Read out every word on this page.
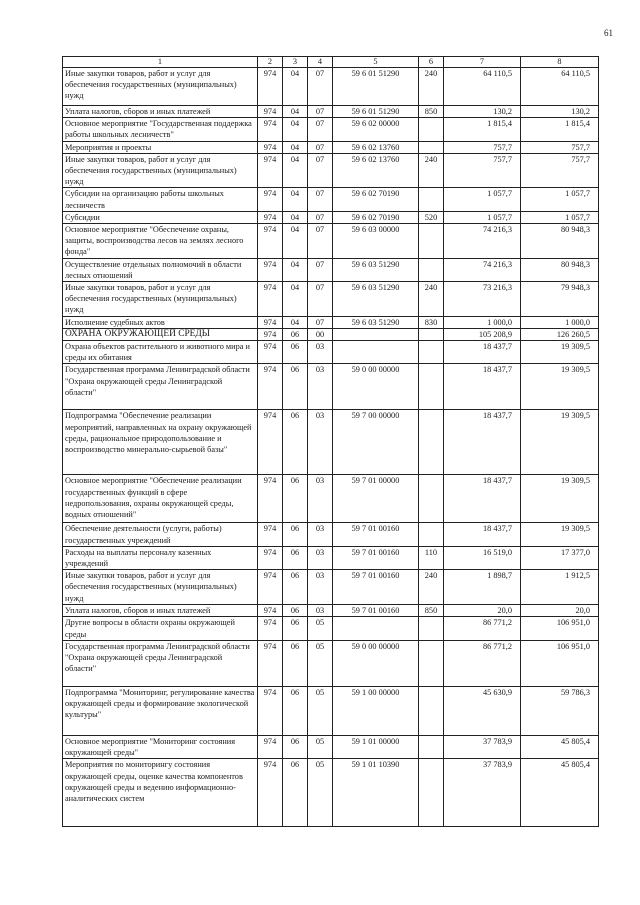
61
1	2	3	4	5	6	7	8
Иные закупки товаров, работ и услуг для обеспечения государственных (муниципальных) нужд	974	04	07	59 6 01 51290	240	64 110,5	64 110,5
Уплата налогов, сборов и иных платежей	974	04	07	59 6 01 51290	850	130,2	130,2
Основное мероприятие "Государственная поддержка работы школьных лесничеств"	974	04	07	59 6 02 00000		1 815,4	1 815,4
Мероприятия и проекты	974	04	07	59 6 02 13760		757,7	757,7
Иные закупки товаров, работ и услуг для обеспечения государственных (муниципальных) нужд	974	04	07	59 6 02 13760	240	757,7	757,7
Субсидии на организацию работы школьных лесничеств	974	04	07	59 6 02 70190		1 057,7	1 057,7
Субсидии	974	04	07	59 6 02 70190	520	1 057,7	1 057,7
Основное мероприятие "Обеспечение охраны, защиты, воспроизводства лесов на землях лесного фонда"	974	04	07	59 6 03 00000		74 216,3	80 948,3
Осуществление отдельных полномочий в области лесных отношений	974	04	07	59 6 03 51290		74 216,3	80 948,3
Иные закупки товаров, работ и услуг для обеспечения государственных (муниципальных) нужд	974	04	07	59 6 03 51290	240	73 216,3	79 948,3
Исполнение судебных актов	974	04	07	59 6 03 51290	830	1 000,0	1 000,0
ОХРАНА ОКРУЖАЮЩЕЙ СРЕДЫ	974	06	00			105 208,9	126 260,5
Охрана объектов растительного и животного мира и среды их обитания	974	06	03			18 437,7	19 309,5
Государственная программа Ленинградской области "Охрана окружающей среды Ленинградской области"	974	06	03	59 0 00 00000		18 437,7	19 309,5
Подпрограмма "Обеспечение реализации мероприятий, направленных на охрану окружающей среды, рациональное природопользование и воспроизводство минерально-сырьевой базы"	974	06	03	59 7 00 00000		18 437,7	19 309,5
Основное мероприятие "Обеспечение реализации государственных функций в сфере недропользования, охраны окружающей среды, водных отношений"	974	06	03	59 7 01 00000		18 437,7	19 309,5
Обеспечение деятельности (услуги, работы) государственных учреждений	974	06	03	59 7 01 00160		18 437,7	19 309,5
Расходы на выплаты персоналу казенных учреждений	974	06	03	59 7 01 00160	110	16 519,0	17 377,0
Иные закупки товаров, работ и услуг для обеспечения государственных (муниципальных) нужд	974	06	03	59 7 01 00160	240	1 898,7	1 912,5
Уплата налогов, сборов и иных платежей	974	06	03	59 7 01 00160	850	20,0	20,0
Другие вопросы в области охраны окружающей среды	974	06	05			86 771,2	106 951,0
Государственная программа Ленинградской области "Охрана окружающей среды Ленинградской области"	974	06	05	59 0 00 00000		86 771,2	106 951,0
Подпрограмма "Мониторинг, регулирование качества окружающей среды и формирование экологической культуры"	974	06	05	59 1 00 00000		45 630,9	59 786,3
Основное мероприятие "Мониторинг состояния окружающей среды"	974	06	05	59 1 01 00000		37 783,9	45 805,4
Мероприятия по мониторингу состояния окружающей среды, оценке качества компонентов окружающей среды и ведению информационно-аналитических систем	974	06	05	59 1 01 10390		37 783,9	45 805,4
